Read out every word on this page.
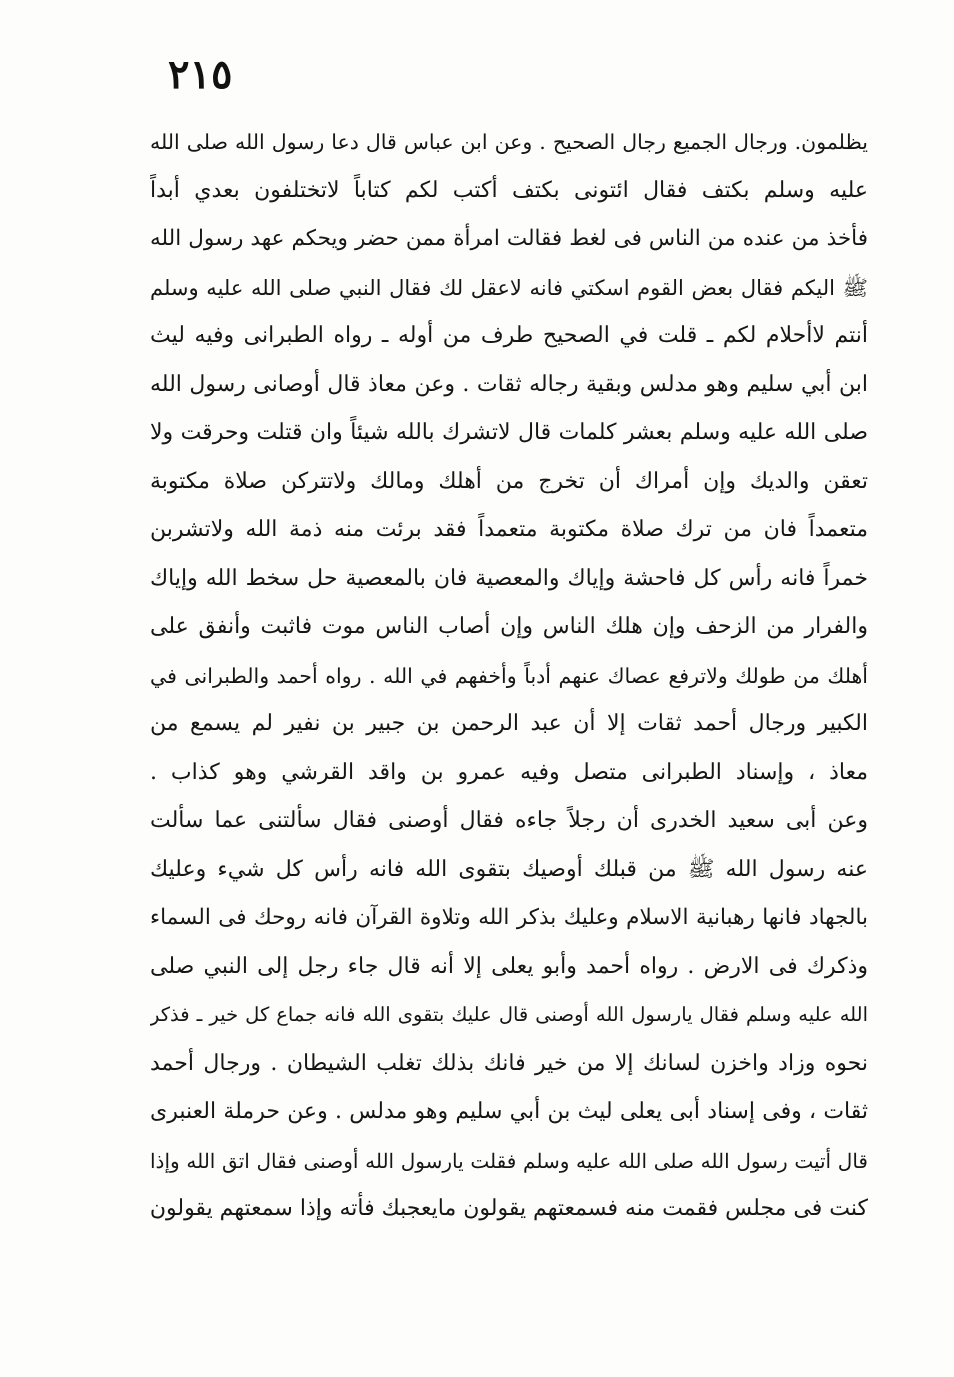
٢١٥
يظلمون. ورجال الجميع رجال الصحيح . وعن ابن عباس قال دعا رسول الله صلى الله
عليه وسلم بكتف فقال ائتونى بكتف أكتب لكم كتاباً لاتختلفون بعدي أبداً
فأخذ من عنده من الناس فى لغط فقالت امرأة ممن حضر ويحكم عهد رسول الله
ﷺ اليكم فقال بعض القوم اسكتي فانه لاعقل لك فقال النبي صلى الله عليه وسلم
أنتم لاأحلام لكم ـ قلت في الصحيح طرف من أوله ـ رواه الطبرانى وفيه ليث
ابن أبي سليم وهو مدلس وبقية رجاله ثقات . وعن معاذ قال أوصانى رسول الله
صلى الله عليه وسلم بعشر كلمات قال لاتشرك بالله شيئاً وان قتلت وحرقت ولا
تعقن والديك وإن أمراك أن تخرج من أهلك ومالك ولاتتركن صلاة مكتوبة
متعمداً فان من ترك صلاة مكتوبة متعمداً فقد برئت منه ذمة الله ولاتشربن
خمراً فانه رأس كل فاحشة وإياك والمعصية فان بالمعصية حل سخط الله وإياك
والفرار من الزحف وإن هلك الناس وإن أصاب الناس موت فاثبت وأنفق على
أهلك من طولك ولاترفع عصاك عنهم أدباً وأخفهم في الله . رواه أحمد والطبرانى في
الكبير ورجال أحمد ثقات إلا أن عبد الرحمن بن جبير بن نفير لم يسمع من
معاذ ، وإسناد الطبرانى متصل وفيه عمرو بن واقد القرشي وهو كذاب .
وعن أبى سعيد الخدرى أن رجلاً جاءه فقال أوصنى فقال سألتنى عما سألت
عنه رسول الله ﷺ من قبلك أوصيك بتقوى الله فانه رأس كل شيء وعليك
بالجهاد فانها رهبانية الاسلام وعليك بذكر الله وتلاوة القرآن فانه روحك فى السماء
وذكرك فى الارض . رواه أحمد وأبو يعلى إلا أنه قال جاء رجل إلى النبي صلى
الله عليه وسلم فقال يارسول الله أوصنى قال عليك بتقوى الله فانه جماع كل خير ـ فذكر
نحوه وزاد واخزن لسانك إلا من خير فانك بذلك تغلب الشيطان . ورجال أحمد
ثقات ، وفى إسناد أبى يعلى ليث بن أبي سليم وهو مدلس . وعن حرملة العنبرى
قال أتيت رسول الله صلى الله عليه وسلم فقلت يارسول الله أوصنى فقال اتق الله وإذا
كنت فى مجلس فقمت منه فسمعتهم يقولون مايعجبك فأته وإذا سمعتهم يقولون
